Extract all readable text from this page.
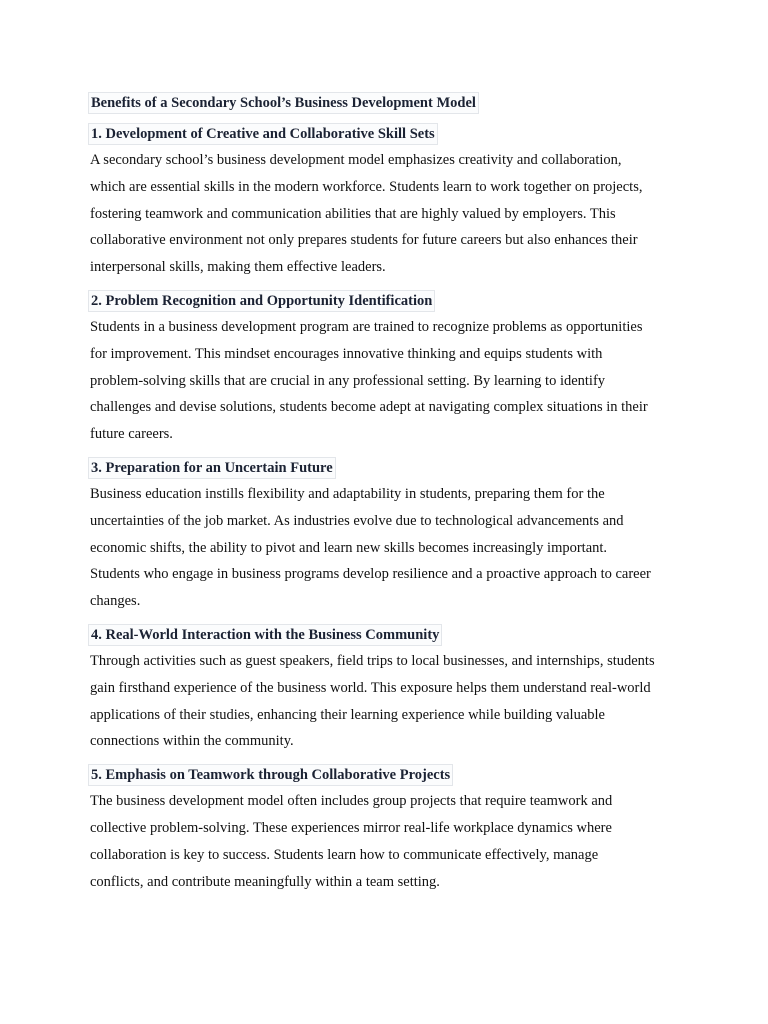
Benefits of a Secondary School’s Business Development Model
1. Development of Creative and Collaborative Skill Sets
A secondary school’s business development model emphasizes creativity and collaboration,
which are essential skills in the modern workforce. Students learn to work together on projects,
fostering teamwork and communication abilities that are highly valued by employers. This
collaborative environment not only prepares students for future careers but also enhances their
interpersonal skills, making them effective leaders.
2. Problem Recognition and Opportunity Identification
Students in a business development program are trained to recognize problems as opportunities
for improvement. This mindset encourages innovative thinking and equips students with
problem-solving skills that are crucial in any professional setting. By learning to identify
challenges and devise solutions, students become adept at navigating complex situations in their
future careers.
3. Preparation for an Uncertain Future
Business education instills flexibility and adaptability in students, preparing them for the
uncertainties of the job market. As industries evolve due to technological advancements and
economic shifts, the ability to pivot and learn new skills becomes increasingly important.
Students who engage in business programs develop resilience and a proactive approach to career
changes.
4. Real-World Interaction with the Business Community
Through activities such as guest speakers, field trips to local businesses, and internships, students
gain firsthand experience of the business world. This exposure helps them understand real-world
applications of their studies, enhancing their learning experience while building valuable
connections within the community.
5. Emphasis on Teamwork through Collaborative Projects
The business development model often includes group projects that require teamwork and
collective problem-solving. These experiences mirror real-life workplace dynamics where
collaboration is key to success. Students learn how to communicate effectively, manage
conflicts, and contribute meaningfully within a team setting.
